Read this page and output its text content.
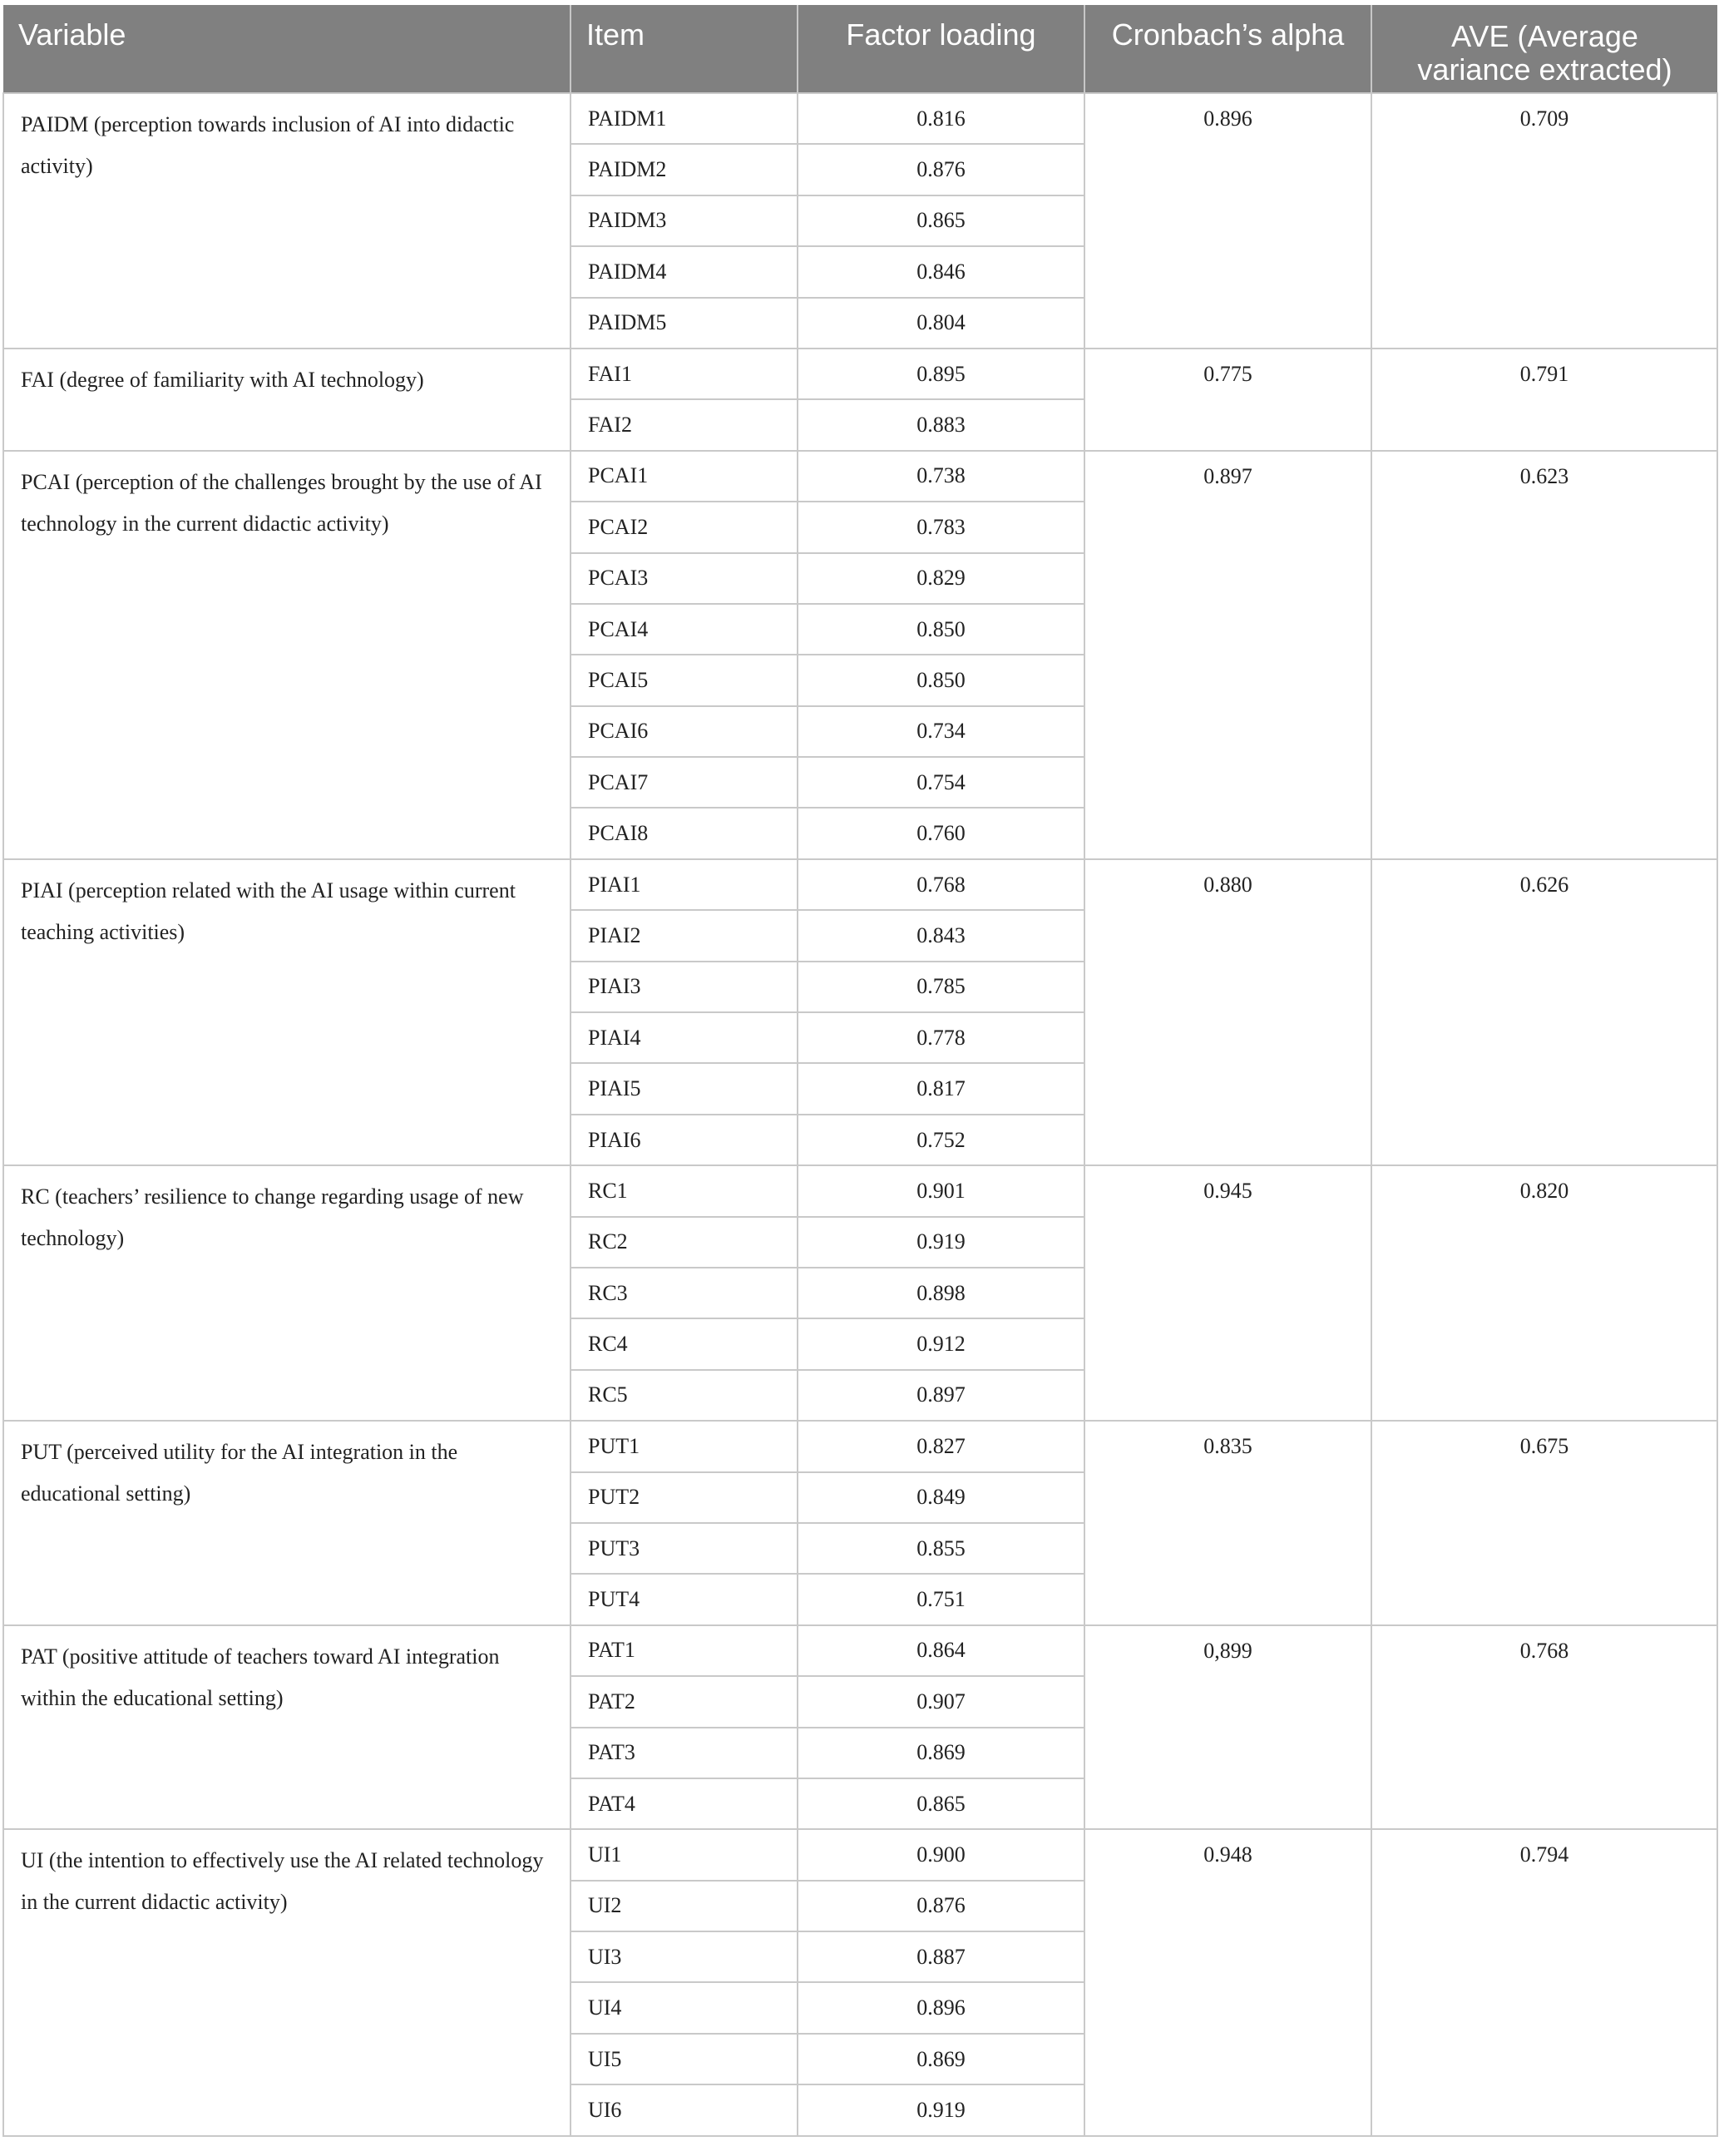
Variable	Item	Factor loading	Cronbach’s alpha	AVE (Average
variance extracted)

PAIDM (perception towards inclusion of AI into didactic activity)	PAIDM1	0.816	0.896	0.709
	PAIDM2	0.876		
	PAIDM3	0.865		
	PAIDM4	0.846		
	PAIDM5	0.804		

FAI (degree of familiarity with AI technology)	FAI1	0.895	0.775	0.791
	FAI2	0.883		

PCAI (perception of the challenges brought by the use of AI technology in the current didactic activity)	PCAI1	0.738	0.897	0.623
	PCAI2	0.783		
	PCAI3	0.829		
	PCAI4	0.850		
	PCAI5	0.850		
	PCAI6	0.734		
	PCAI7	0.754		
	PCAI8	0.760		

PIAI (perception related with the AI usage within current teaching activities)	PIAI1	0.768	0.880	0.626
	PIAI2	0.843		
	PIAI3	0.785		
	PIAI4	0.778		
	PIAI5	0.817		
	PIAI6	0.752		

RC (teachers’ resilience to change regarding usage of new technology)	RC1	0.901	0.945	0.820
	RC2	0.919		
	RC3	0.898		
	RC4	0.912		
	RC5	0.897		

PUT (perceived utility for the AI integration in the educational setting)	PUT1	0.827	0.835	0.675
	PUT2	0.849		
	PUT3	0.855		
	PUT4	0.751		

PAT (positive attitude of teachers toward AI integration within the educational setting)	PAT1	0.864	0,899	0.768
	PAT2	0.907		
	PAT3	0.869		
	PAT4	0.865		

UI (the intention to effectively use the AI related technology in the current didactic activity)	UI1	0.900	0.948	0.794
	UI2	0.876		
	UI3	0.887		
	UI4	0.896		
	UI5	0.869		
	UI6	0.919		
